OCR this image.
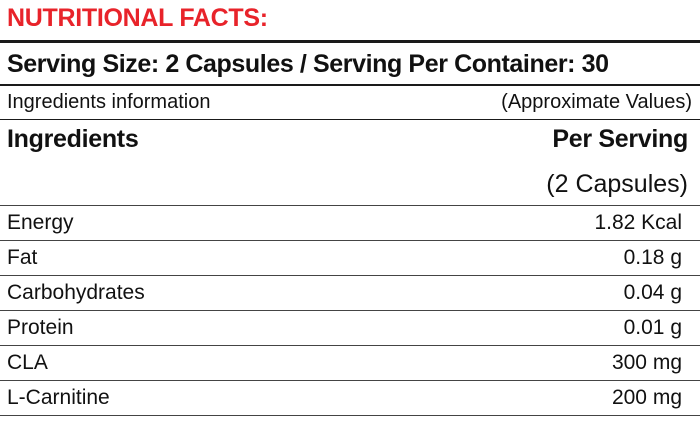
NUTRITIONAL FACTS:
Serving Size: 2 Capsules / Serving Per Container: 30
Ingredients information	(Approximate Values)
Ingredients	Per Serving
(2 Capsules)
Energy	1.82 Kcal
Fat	0.18 g
Carbohydrates	0.04 g
Protein	0.01 g
CLA	300 mg
L-Carnitine	200 mg
